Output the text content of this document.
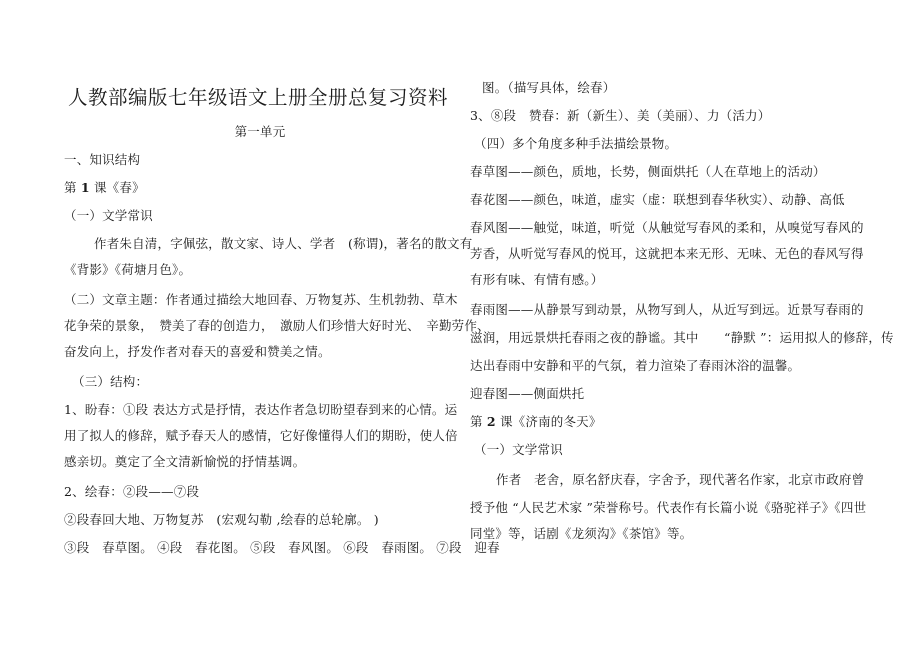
人教部编版七年级语文上册全册总复习资料
第一单元
一、知识结构
第 1 课《春》
（一）文学常识
作者朱自清，字佩弦，散文家、诗人、学者　(称谓)，著名的散文有
《背影》《荷塘月色》。
（二）文章主题：作者通过描绘大地回春、万物复苏、生机勃勃、草木
花争荣的景象，　赞美了春的创造力，　激励人们珍惜大好时光、　辛勤劳作、
奋发向上，抒发作者对春天的喜爱和赞美之情。
（三）结构：
1、盼春：①段 表达方式是抒情，表达作者急切盼望春到来的心情。运
用了拟人的修辞，赋予春天人的感情，它好像懂得人们的期盼，使人倍
感亲切。奠定了全文清新愉悦的抒情基调。
2、绘春：②段——⑦段
②段春回大地、万物复苏　(宏观勾勒 ,绘春的总轮廓。 )
③段　春草图。 ④段　春花图。 ⑤段　春风图。 ⑥段　春雨图。 ⑦段　迎春
图。（描写具体，绘春）
3、⑧段　赞春：新（新生）、美（美丽）、力（活力）
（四）多个角度多种手法描绘景物。
春草图——颜色，质地，长势，侧面烘托（人在草地上的活动）
春花图——颜色，味道，虚实（虚：联想到春华秋实）、动静、高低
春风图——触觉，味道，听觉（从触觉写春风的柔和，从嗅觉写春风的
芳香，从听觉写春风的悦耳，这就把本来无形、无味、无色的春风写得
有形有味、有情有感。）
春雨图——从静景写到动景，从物写到人，从近写到远。近景写春雨的
滋润，用远景烘托春雨之夜的静谧。其中　　“静默 ”：运用拟人的修辞，传
达出春雨中安静和平的气氛，着力渲染了春雨沐浴的温馨。
迎春图——侧面烘托
第 2 课《济南的冬天》
（一）文学常识
作者　老舍，原名舒庆春，字舍予，现代著名作家，北京市政府曾
授予他 “人民艺术家 ”荣誉称号。代表作有长篇小说《骆驼祥子》《四世
同堂》等，话剧《龙须沟》《茶馆》等。
